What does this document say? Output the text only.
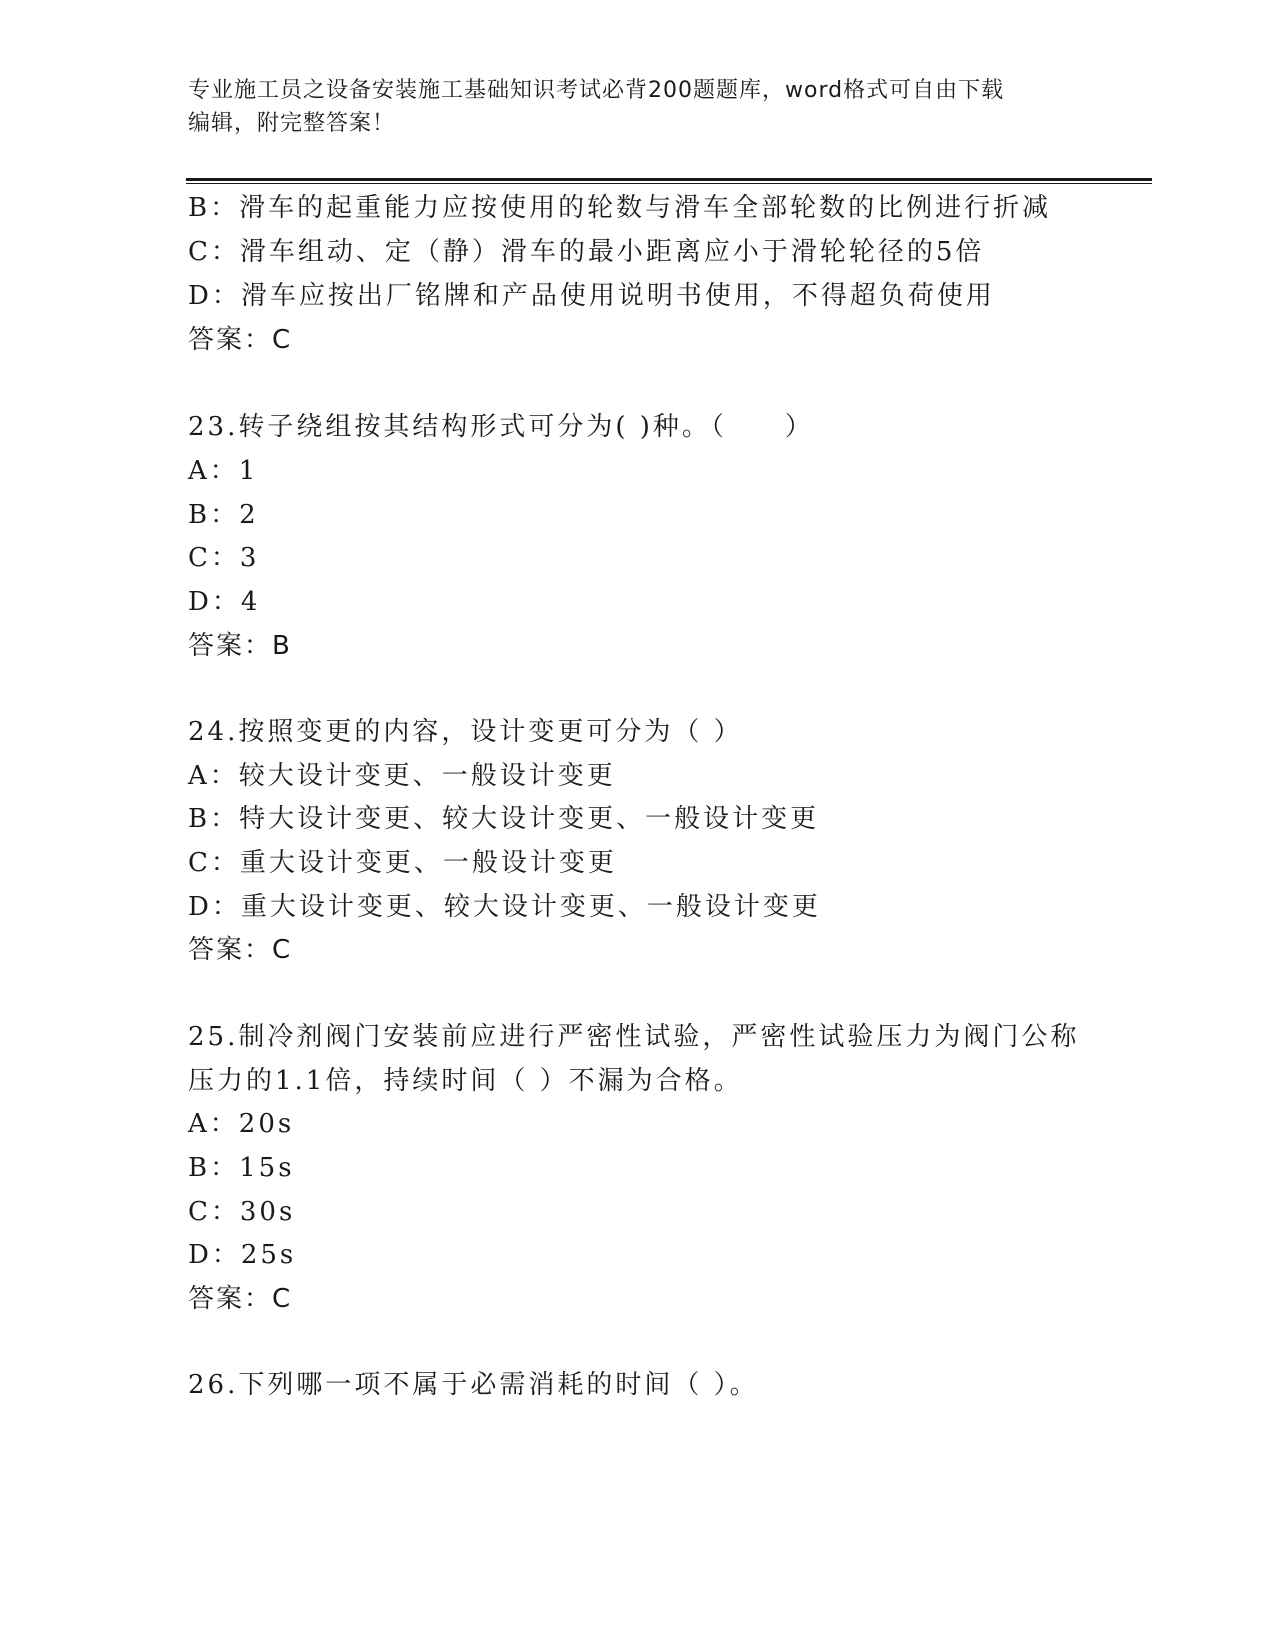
专业施工员之设备安装施工基础知识考试必背200题题库，word格式可自由下载
编辑，附完整答案！
B：滑车的起重能力应按使用的轮数与滑车全部轮数的比例进行折减
C：滑车组动、定（静）滑车的最小距离应小于滑轮轮径的5倍
D：滑车应按出厂铭牌和产品使用说明书使用，不得超负荷使用
答案：C
23.转子绕组按其结构形式可分为( )种。（　　）
A：1
B：2
C：3
D：4
答案：B
24.按照变更的内容，设计变更可分为（ ）
A：较大设计变更、一般设计变更
B：特大设计变更、较大设计变更、一般设计变更
C：重大设计变更、一般设计变更
D：重大设计变更、较大设计变更、一般设计变更
答案：C
25.制冷剂阀门安装前应进行严密性试验，严密性试验压力为阀门公称
压力的1.1倍，持续时间（ ）不漏为合格。
A：20s
B：15s
C：30s
D：25s
答案：C
26.下列哪一项不属于必需消耗的时间（ ）。
